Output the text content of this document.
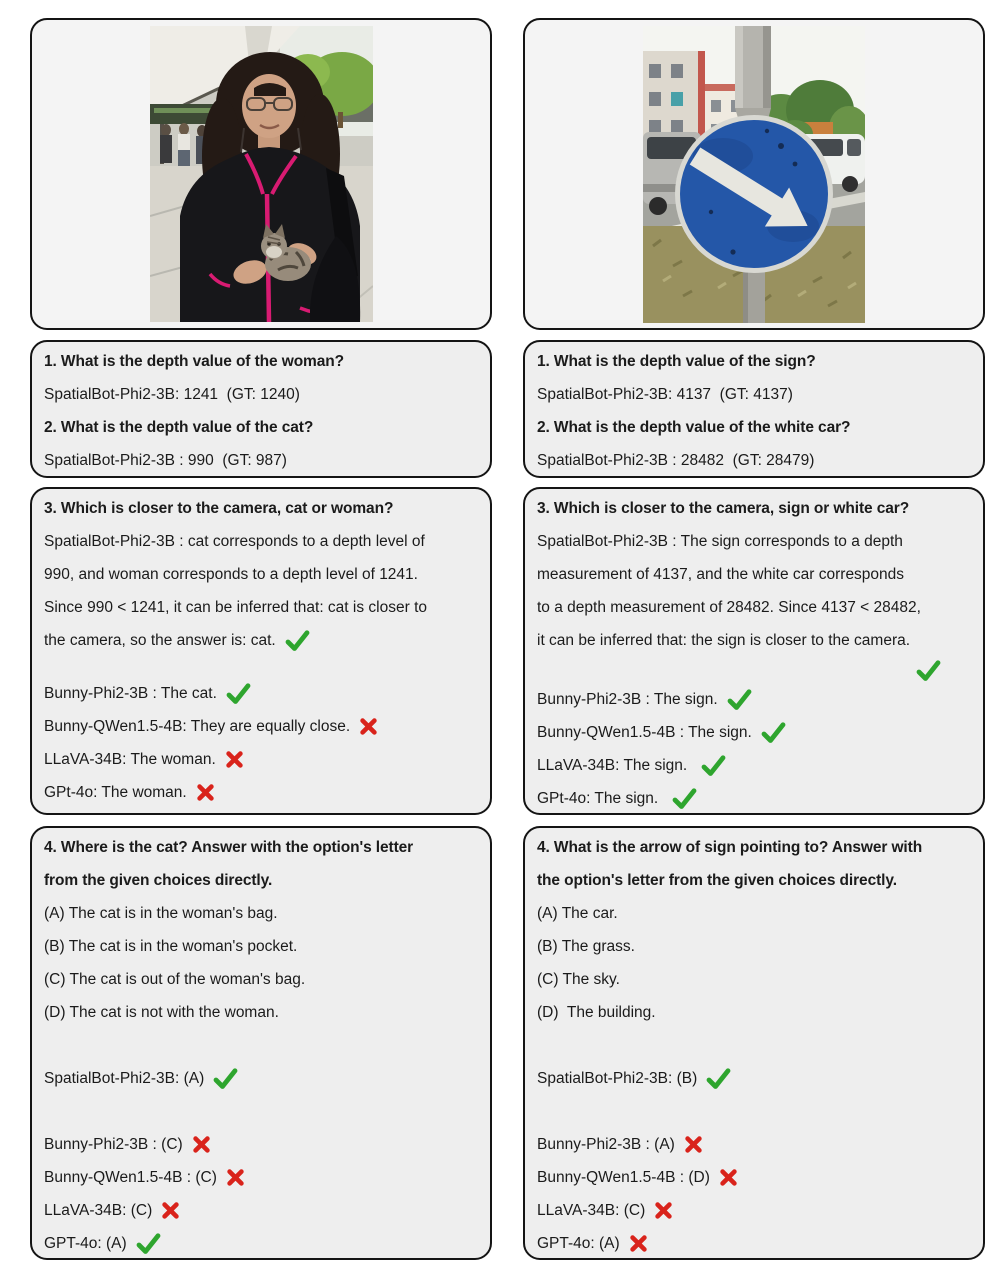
1. What is the depth value of the woman?
SpatialBot-Phi2-3B: 1241  (GT: 1240)
2. What is the depth value of the cat?
SpatialBot-Phi2-3B : 990  (GT: 987)
3. Which is closer to the camera, cat or woman?
SpatialBot-Phi2-3B : cat corresponds to a depth level of
990, and woman corresponds to a depth level of 1241.
Since 990 < 1241, it can be inferred that: cat is closer to
the camera, so the answer is: cat.
Bunny-Phi2-3B : The cat.
Bunny-QWen1.5-4B: They are equally close.
LLaVA-34B: The woman.
GPt-4o: The woman.
4. Where is the cat? Answer with the option's letter
from the given choices directly.
(A) The cat is in the woman's bag.
(B) The cat is in the woman's pocket.
(C) The cat is out of the woman's bag.
(D) The cat is not with the woman.
SpatialBot-Phi2-3B: (A)
Bunny-Phi2-3B : (C)
Bunny-QWen1.5-4B : (C)
LLaVA-34B: (C)
GPT-4o: (A)
1. What is the depth value of the sign?
SpatialBot-Phi2-3B: 4137  (GT: 4137)
2. What is the depth value of the white car?
SpatialBot-Phi2-3B : 28482  (GT: 28479)
3. Which is closer to the camera, sign or white car?
SpatialBot-Phi2-3B : The sign corresponds to a depth
measurement of 4137, and the white car corresponds
to a depth measurement of 28482. Since 4137 < 28482,
it can be inferred that: the sign is closer to the camera.
Bunny-Phi2-3B : The sign.
Bunny-QWen1.5-4B : The sign.
LLaVA-34B: The sign.
GPt-4o: The sign.
4. What is the arrow of sign pointing to? Answer with
the option's letter from the given choices directly.
(A) The car.
(B) The grass.
(C) The sky.
(D)  The building.
SpatialBot-Phi2-3B: (B)
Bunny-Phi2-3B : (A)
Bunny-QWen1.5-4B : (D)
LLaVA-34B: (C)
GPT-4o: (A)
